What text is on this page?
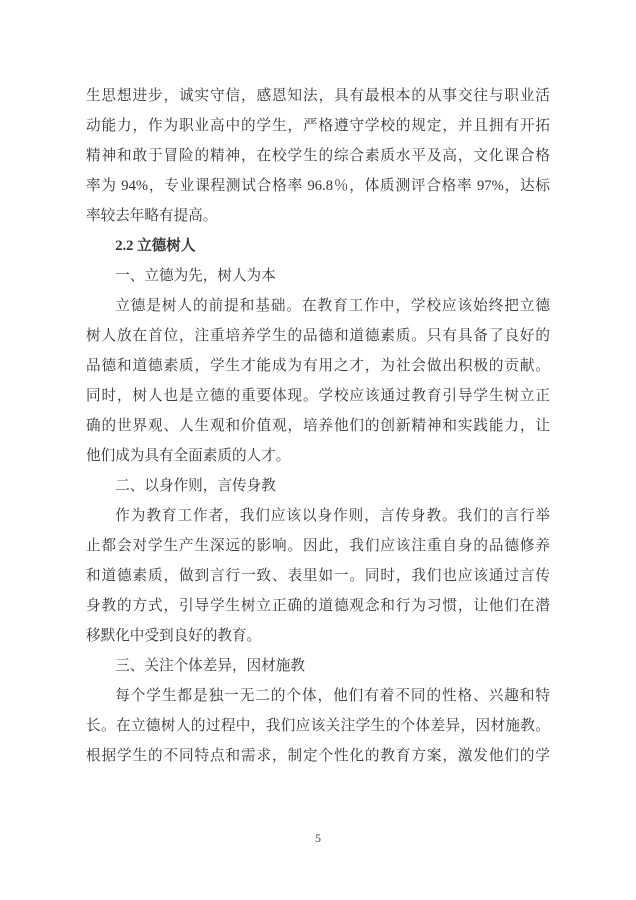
生思想进步，诚实守信，感恩知法，具有最根本的从事交往与职业活
动能力，作为职业高中的学生，严格遵守学校的规定，并且拥有开拓
精神和敢于冒险的精神，在校学生的综合素质水平及高，文化课合格
率为 94%，专业课程测试合格率 96.8％，体质测评合格率 97%，达标
率较去年略有提高。
2.2 立德树人
一、立德为先，树人为本
立德是树人的前提和基础。在教育工作中，学校应该始终把立德
树人放在首位，注重培养学生的品德和道德素质。只有具备了良好的
品德和道德素质，学生才能成为有用之才，为社会做出积极的贡献。
同时，树人也是立德的重要体现。学校应该通过教育引导学生树立正
确的世界观、人生观和价值观，培养他们的创新精神和实践能力，让
他们成为具有全面素质的人才。
二、以身作则，言传身教
作为教育工作者，我们应该以身作则，言传身教。我们的言行举
止都会对学生产生深远的影响。因此，我们应该注重自身的品德修养
和道德素质，做到言行一致、表里如一。同时，我们也应该通过言传
身教的方式，引导学生树立正确的道德观念和行为习惯，让他们在潜
移默化中受到良好的教育。
三、关注个体差异，因材施教
每个学生都是独一无二的个体，他们有着不同的性格、兴趣和特
长。在立德树人的过程中，我们应该关注学生的个体差异，因材施教。
根据学生的不同特点和需求，制定个性化的教育方案，激发他们的学
5
